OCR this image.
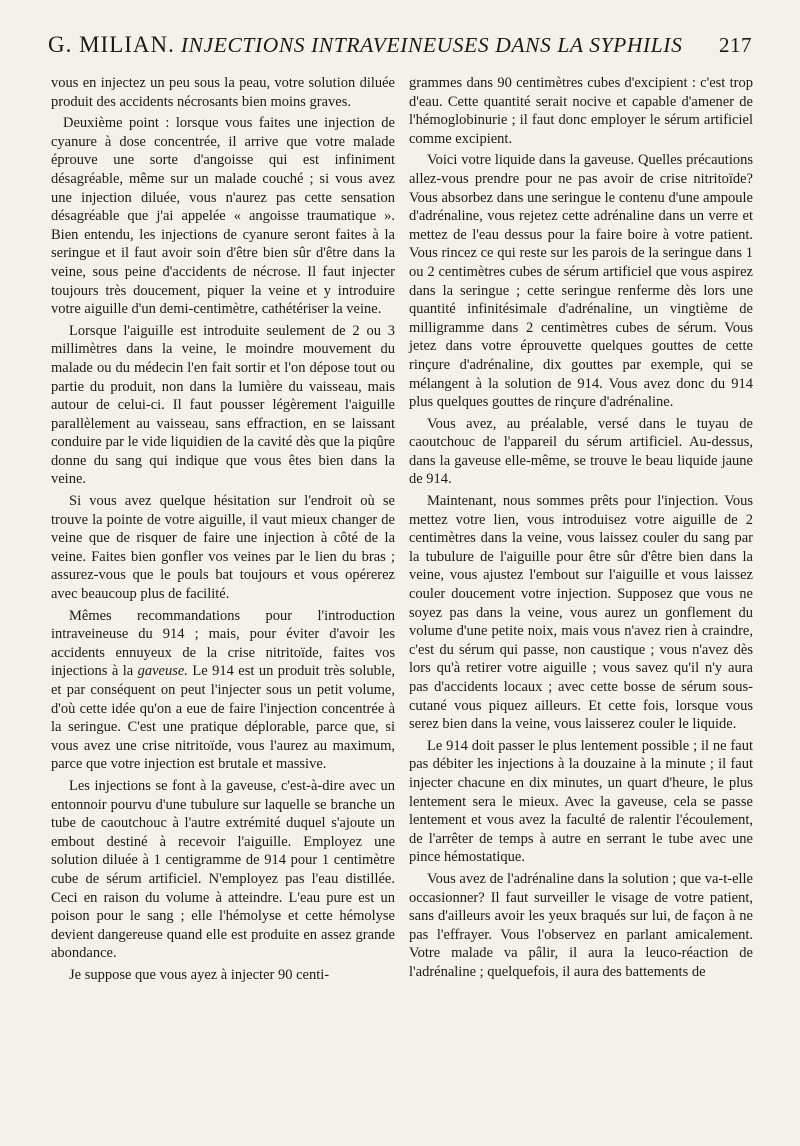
G. MILIAN . INJECTIONS INTRAVEINEUSES DANS LA SYPHILIS 217

vous en injectez un peu sous la peau, votre solution diluée produit des accidents nécrosants bien moins graves.

Deuxième point : lorsque vous faites une injection de cyanure à dose concentrée, il arrive que votre malade éprouve une sorte d'angoisse qui est infiniment désagréable, même sur un malade couché ; si vous avez une injection diluée, vous n'aurez pas cette sensation désagréable que j'ai appelée « angoisse traumatique ». Bien entendu, les injections de cyanure seront faites à la seringue et il faut avoir soin d'être bien sûr d'être dans la veine, sous peine d'accidents de nécrose. Il faut injecter toujours très doucement, piquer la veine et y introduire votre aiguille d'un demi-centimètre, cathétériser la veine.

Lorsque l'aiguille est introduite seulement de 2 ou 3 millimètres dans la veine, le moindre mouvement du malade ou du médecin l'en fait sortir et l'on dépose tout ou partie du produit, non dans la lumière du vaisseau, mais autour de celui-ci. Il faut pousser légèrement l'aiguille parallèlement au vaisseau, sans effraction, en se laissant conduire par le vide liquidien de la cavité dès que la piqûre donne du sang qui indique que vous êtes bien dans la veine.

Si vous avez quelque hésitation sur l'endroit où se trouve la pointe de votre aiguille, il vaut mieux changer de veine que de risquer de faire une injection à côté de la veine. Faites bien gonfler vos veines par le lien du bras ; assurez-vous que le pouls bat toujours et vous opérerez avec beaucoup plus de facilité.

Mêmes recommandations pour l'introduction intraveineuse du 914 ; mais, pour éviter d'avoir les accidents ennuyeux de la crise nitritoïde, faites vos injections à la gaveuse. Le 914 est un produit très soluble, et par conséquent on peut l'injecter sous un petit volume, d'où cette idée qu'on a eue de faire l'injection concentrée à la seringue. C'est une pratique déplorable, parce que, si vous avez une crise nitritoïde, vous l'aurez au maximum, parce que votre injection est brutale et massive.

Les injections se font à la gaveuse, c'est-à-dire avec un entonnoir pourvu d'une tubulure sur laquelle se branche un tube de caoutchouc à l'autre extrémité duquel s'ajoute un embout destiné à recevoir l'aiguille. Employez une solution diluée à 1 centigramme de 914 pour 1 centimètre cube de sérum artificiel. N'employez pas l'eau distillée. Ceci en raison du volume à atteindre. L'eau pure est un poison pour le sang ; elle l'hémolyse et cette hémolyse devient dangereuse quand elle est produite en assez grande abondance.

Je suppose que vous ayez à injecter 90 centi-

grammes dans 90 centimètres cubes d'excipient : c'est trop d'eau. Cette quantité serait nocive et capable d'amener de l'hémoglobinurie ; il faut donc employer le sérum artificiel comme excipient.

Voici votre liquide dans la gaveuse. Quelles précautions allez-vous prendre pour ne pas avoir de crise nitritoïde? Vous absorbez dans une seringue le contenu d'une ampoule d'adrénaline, vous rejetez cette adrénaline dans un verre et mettez de l'eau dessus pour la faire boire à votre patient. Vous rincez ce qui reste sur les parois de la seringue dans 1 ou 2 centimètres cubes de sérum artificiel que vous aspirez dans la seringue ; cette seringue renferme dès lors une quantité infinitésimale d'adrénaline, un vingtième de milligramme dans 2 centimètres cubes de sérum. Vous jetez dans votre éprouvette quelques gouttes de cette rinçure d'adrénaline, dix gouttes par exemple, qui se mélangent à la solution de 914. Vous avez donc du 914 plus quelques gouttes de rinçure d'adrénaline.

Vous avez, au préalable, versé dans le tuyau de caoutchouc de l'appareil du sérum artificiel. Au-dessus, dans la gaveuse elle-même, se trouve le beau liquide jaune de 914.

Maintenant, nous sommes prêts pour l'injection. Vous mettez votre lien, vous introduisez votre aiguille de 2 centimètres dans la veine, vous laissez couler du sang par la tubulure de l'aiguille pour être sûr d'être bien dans la veine, vous ajustez l'embout sur l'aiguille et vous laissez couler doucement votre injection. Supposez que vous ne soyez pas dans la veine, vous aurez un gonflement du volume d'une petite noix, mais vous n'avez rien à craindre, c'est du sérum qui passe, non caustique ; vous n'avez dès lors qu'à retirer votre aiguille ; vous savez qu'il n'y aura pas d'accidents locaux ; avec cette bosse de sérum sous-cutané vous piquez ailleurs. Et cette fois, lorsque vous serez bien dans la veine, vous laisserez couler le liquide.

Le 914 doit passer le plus lentement possible ; il ne faut pas débiter les injections à la douzaine à la minute ; il faut injecter chacune en dix minutes, un quart d'heure, le plus lentement sera le mieux. Avec la gaveuse, cela se passe lentement et vous avez la faculté de ralentir l'écoulement, de l'arrêter de temps à autre en serrant le tube avec une pince hémostatique.

Vous avez de l'adrénaline dans la solution ; que va-t-elle occasionner? Il faut surveiller le visage de votre patient, sans d'ailleurs avoir les yeux braqués sur lui, de façon à ne pas l'effrayer. Vous l'observez en parlant amicalement. Votre malade va pâlir, il aura la leuco-réaction de l'adrénaline ; quelquefois, il aura des battements de
